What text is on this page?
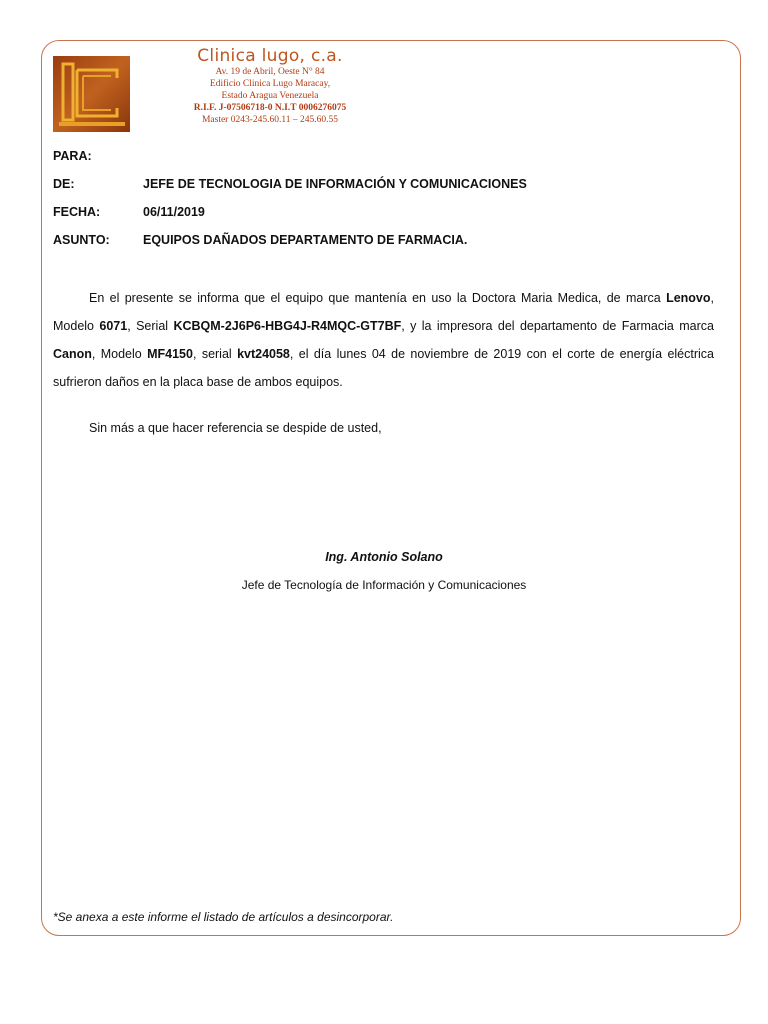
Clinica lugo, c.a.
Av. 19 de Abril, Oeste N° 84
Edificio Clinica Lugo Maracay,
Estado Aragua Venezuela
R.I.F. J-07506718-0 N.I.T 0006276075
Master 0243-245.60.11 – 245.60.55
PARA:
DE:	JEFE DE TECNOLOGIA DE INFORMACIÓN Y COMUNICACIONES
FECHA:	06/11/2019
ASUNTO:	EQUIPOS DAÑADOS DEPARTAMENTO DE FARMACIA.
En el presente se informa que el equipo que mantenía en uso la Doctora Maria Medica, de marca Lenovo, Modelo 6071, Serial KCBQM-2J6P6-HBG4J-R4MQC-GT7BF, y la impresora del departamento de Farmacia marca Canon, Modelo MF4150, serial kvt24058, el día lunes 04 de noviembre de 2019 con el corte de energía eléctrica sufrieron daños en la placa base de ambos equipos.
Sin más a que hacer referencia se despide de usted,
Ing. Antonio Solano
Jefe de Tecnología de Información y Comunicaciones
*Se anexa a este informe el listado de artículos a desincorporar.
